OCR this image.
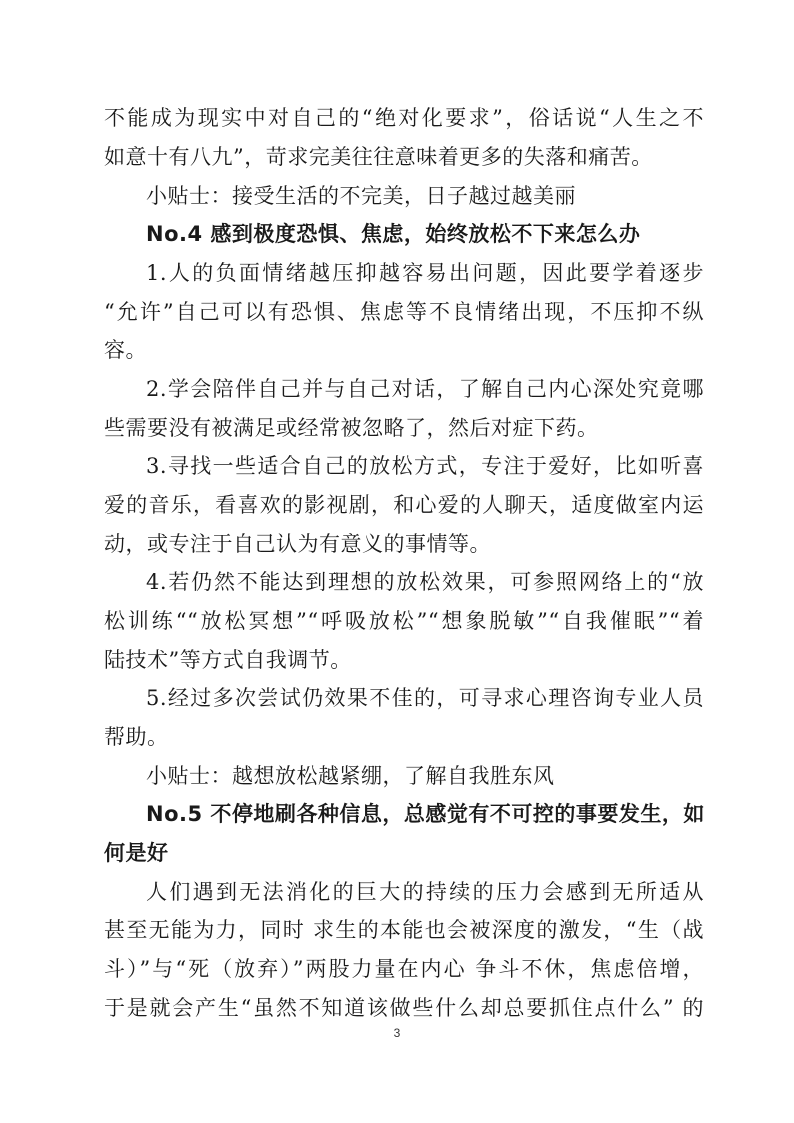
不能成为现实中对自己的“绝对化要求”，俗话说“人生之不
如意十有八九”，苛求完美往往意味着更多的失落和痛苦。
小贴士：接受生活的不完美，日子越过越美丽
No.4 感到极度恐惧、焦虑，始终放松不下来怎么办
1.人的负面情绪越压抑越容易出问题，因此要学着逐步
“允许”自己可以有恐惧、焦虑等不良情绪出现，不压抑不纵
容。
2.学会陪伴自己并与自己对话，了解自己内心深处究竟哪
些需要没有被满足或经常被忽略了，然后对症下药。
3.寻找一些适合自己的放松方式，专注于爱好，比如听喜
爱的音乐，看喜欢的影视剧，和心爱的人聊天，适度做室内运
动，或专注于自己认为有意义的事情等。
4.若仍然不能达到理想的放松效果，可参照网络上的“放
松训练““放松冥想”“呼吸放松”“想象脱敏”“自我催眠”“着
陆技术”等方式自我调节。
5.经过多次尝试仍效果不佳的，可寻求心理咨询专业人员
帮助。
小贴士：越想放松越紧绷，了解自我胜东风
No.5 不停地刷各种信息，总感觉有不可控的事要发生，如
何是好
人们遇到无法消化的巨大的持续的压力会感到无所适从
甚至无能为力，同时 求生的本能也会被深度的激发，“生（战
斗）”与“死（放弃）”两股力量在内心 争斗不休，焦虑倍增，
于是就会产生“虽然不知道该做些什么却总要抓住点什么” 的
3
